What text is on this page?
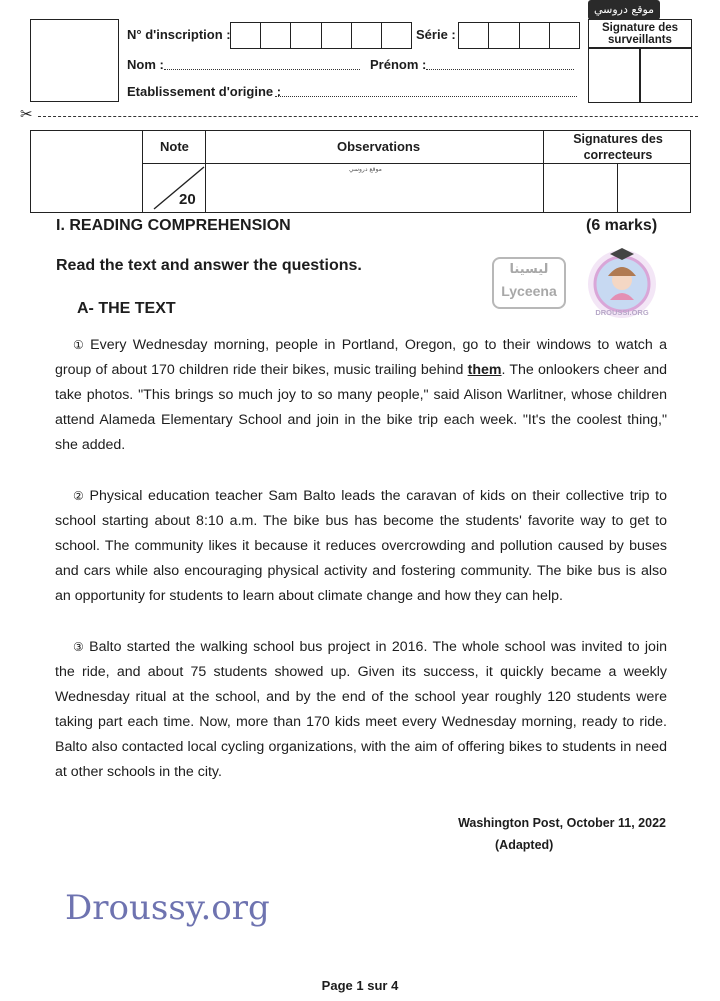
N° d'inscription :	Série :
Nom :	Prénom :
Etablissement d'origine :
Signature des surveillants
موقع دروسي
✂
Note	Observations	Signatures des correcteurs
20
موقع دروسي
I. READING COMPREHENSION	(6 marks)
Read the text and answer the questions.
A- THE TEXT
ليسينا
Lyceena
DROUSSI.ORG
① Every Wednesday morning, people in Portland, Oregon, go to their windows to watch a group of about 170 children ride their bikes, music trailing behind them. The onlookers cheer and take photos. "This brings so much joy to so many people," said Alison Warlitner, whose children attend Alameda Elementary School and join in the bike trip each week. "It's the coolest thing," she added.
② Physical education teacher Sam Balto leads the caravan of kids on their collective trip to school starting about 8:10 a.m. The bike bus has become the students' favorite way to get to school. The community likes it because it reduces overcrowding and pollution caused by buses and cars while also encouraging physical activity and fostering community. The bike bus is also an opportunity for students to learn about climate change and how they can help.
③ Balto started the walking school bus project in 2016. The whole school was invited to join the ride, and about 75 students showed up. Given its success, it quickly became a weekly Wednesday ritual at the school, and by the end of the school year roughly 120 students were taking part each time. Now, more than 170 kids meet every Wednesday morning, ready to ride. Balto also contacted local cycling organizations, with the aim of offering bikes to students in need at other schools in the city.
Washington Post, October 11, 2022
(Adapted)
Droussy.org
Page 1 sur 4
